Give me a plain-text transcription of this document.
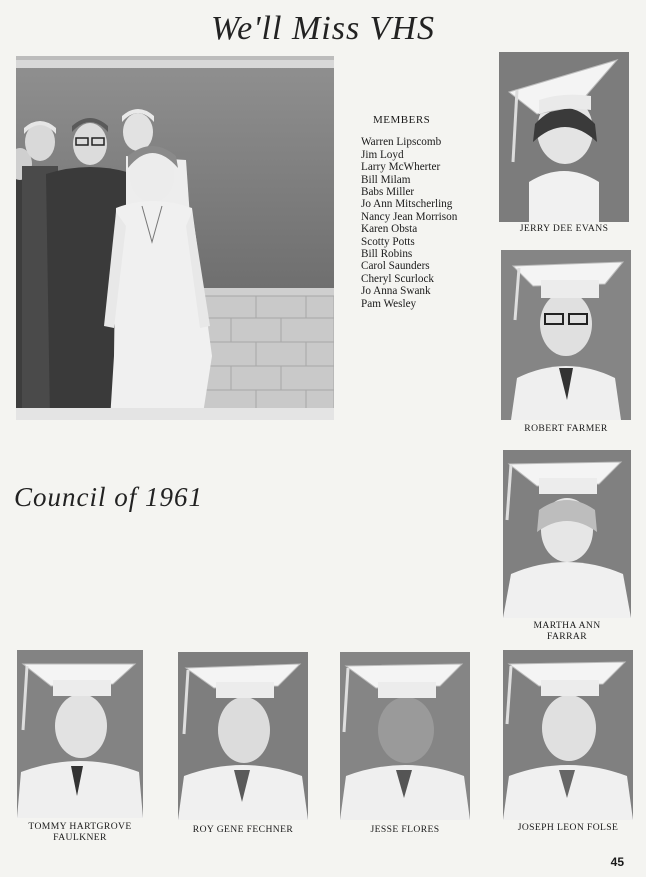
We'll Miss VHS
MEMBERS
Warren Lipscomb
Jim Loyd
Larry McWherter
Bill Milam
Babs Miller
Jo Ann Mitscherling
Nancy Jean Morrison
Karen Obsta
Scotty Potts
Bill Robins
Carol Saunders
Cheryl Scurlock
Jo Anna Swank
Pam Wesley
Council of 1961
JERRY DEE EVANS
ROBERT FARMER
MARTHA ANN
FARRAR
TOMMY HARTGROVE
FAULKNER
ROY GENE FECHNER	JESSE FLORES	JOSEPH LEON FOLSE
45
